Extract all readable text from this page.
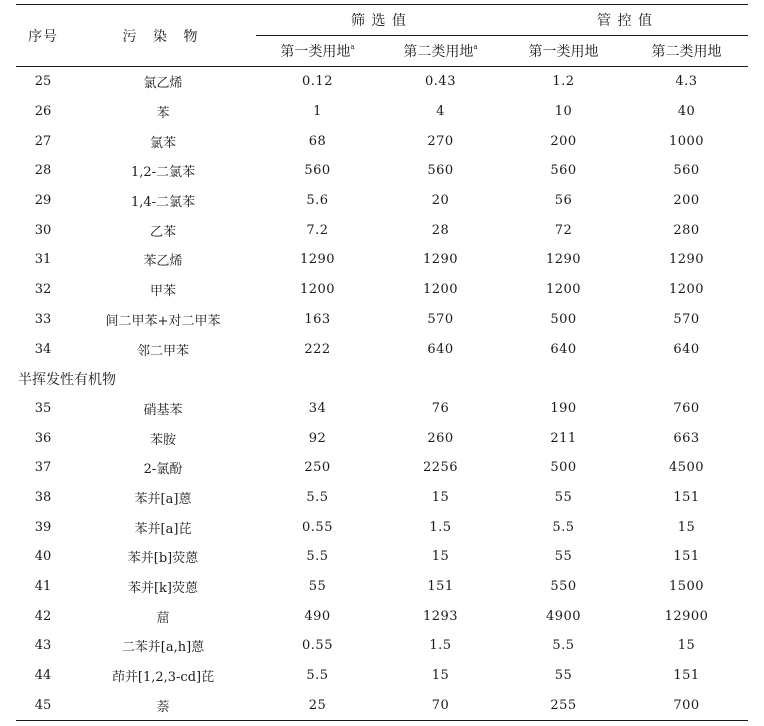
序号	污 染 物	筛 选 值		管 控 值	
		第一类用地$^a$	第二类用地$^a$	第一类用地	第二类用地
25	氯乙烯	0.12	0.43	1.2	4.3
26	苯	1	4	10	40
27	氯苯	68	270	200	1000
28	1,2-二氯苯	560	560	560	560
29	1,4-二氯苯	5.6	20	56	200
30	乙苯	7.2	28	72	280
31	苯乙烯	1290	1290	1290	1290
32	甲苯	1200	1200	1200	1200
33	间二甲苯+对二甲苯	163	570	500	570
34	邻二甲苯	222	640	640	640
半挥发性有机物					
35	硝基苯	34	76	190	760
36	苯胺	92	260	211	663
37	2-氯酚	250	2256	500	4500
38	苯并[a]蒽	5.5	15	55	151
39	苯并[a]芘	0.55	1.5	5.5	15
40	苯并[b]荧蒽	5.5	15	55	151
41	苯并[k]荧蒽	55	151	550	1500
42	䓛	490	1293	4900	12900
43	二苯并[a,h]蒽	0.55	1.5	5.5	15
44	茚并[1,2,3-cd]芘	5.5	15	55	151
45	萘	25	70	255	700
